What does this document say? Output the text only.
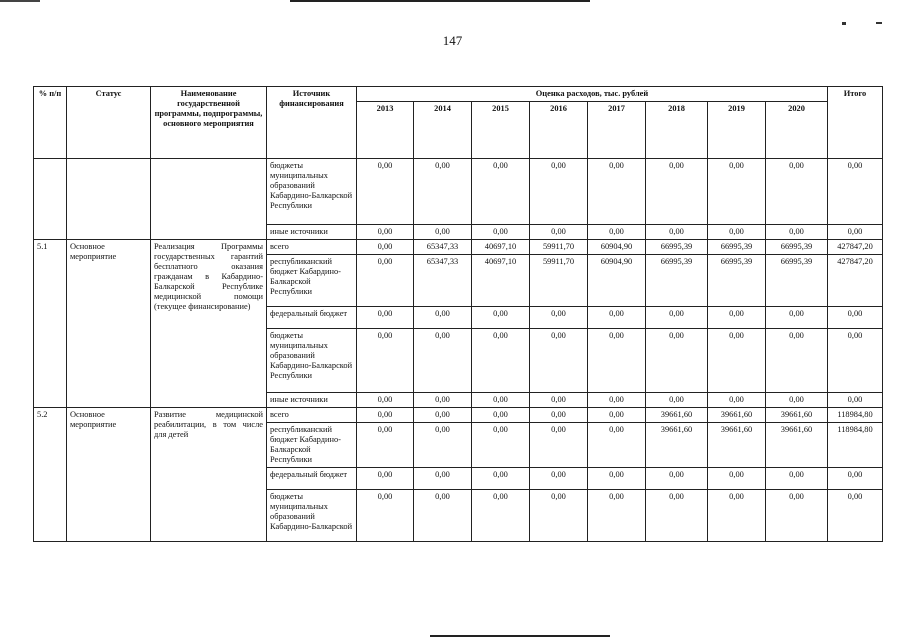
147
% п/п	Статус	Наименование государственной программы, подпрограммы, основного мероприятия	Источник финансирования	Оценка расходов, тыс. рублей								Итого
				2013	2014	2015	2016	2017	2018	2019	2020	
			бюджеты муниципальных образований Кабардино-Балкарской Республики	0,00	0,00	0,00	0,00	0,00	0,00	0,00	0,00	0,00
			иные источники	0,00	0,00	0,00	0,00	0,00	0,00	0,00	0,00	0,00
5.1	Основное мероприятие	Реализация Программы государственных гарантий бесплатного оказания гражданам в Кабардино-Балкарской Республике медицинской помощи (текущее финансирование)	всего	0,00	65347,33	40697,10	59911,70	60904,90	66995,39	66995,39	66995,39	427847,20
			республиканский бюджет Кабардино-Балкарской Республики	0,00	65347,33	40697,10	59911,70	60904,90	66995,39	66995,39	66995,39	427847,20
			федеральный бюджет	0,00	0,00	0,00	0,00	0,00	0,00	0,00	0,00	0,00
			бюджеты муниципальных образований Кабардино-Балкарской Республики	0,00	0,00	0,00	0,00	0,00	0,00	0,00	0,00	0,00
			иные источники	0,00	0,00	0,00	0,00	0,00	0,00	0,00	0,00	0,00
5.2	Основное мероприятие	Развитие медицинской реабилитации, в том числе для детей	всего	0,00	0,00	0,00	0,00	0,00	39661,60	39661,60	39661,60	118984,80
			республиканский бюджет Кабардино-Балкарской Республики	0,00	0,00	0,00	0,00	0,00	39661,60	39661,60	39661,60	118984,80
			федеральный бюджет	0,00	0,00	0,00	0,00	0,00	0,00	0,00	0,00	0,00
			бюджеты муниципальных образований Кабардино-Балкарской	0,00	0,00	0,00	0,00	0,00	0,00	0,00	0,00	0,00
